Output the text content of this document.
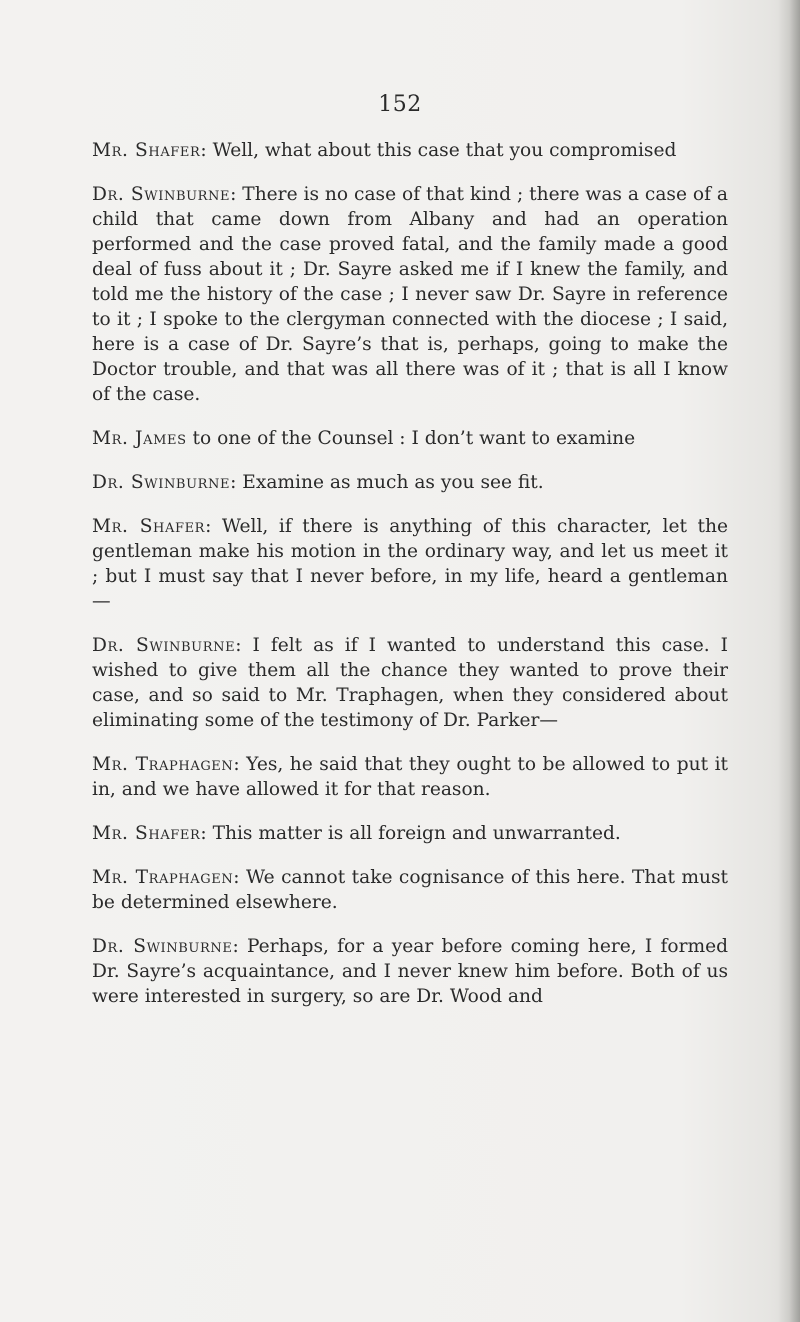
152

Mr. Shafer: Well, what about this case that you compromised

Dr. Swinburne: There is no case of that kind ; there was a case of a child that came down from Albany and had an operation performed and the case proved fatal, and the family made a good deal of fuss about it ; Dr. Sayre asked me if I knew the family, and told me the history of the case ; I never saw Dr. Sayre in reference to it ; I spoke to the clergyman connected with the diocese ; I said, here is a case of Dr. Sayre’s that is, perhaps, going to make the Doctor trouble, and that was all there was of it ; that is all I know of the case.

Mr. James to one of the Counsel : I don’t want to examine

Dr. Swinburne: Examine as much as you see fit.

Mr. Shafer: Well, if there is anything of this character, let the gentleman make his motion in the ordinary way, and let us meet it ; but I must say that I never before, in my life, heard a gentleman—

Dr. Swinburne: I felt as if I wanted to understand this case. I wished to give them all the chance they wanted to prove their case, and so said to Mr. Traphagen, when they considered about eliminating some of the testimony of Dr. Parker—

Mr. Traphagen: Yes, he said that they ought to be allowed to put it in, and we have allowed it for that reason.

Mr. Shafer: This matter is all foreign and unwarranted.

Mr. Traphagen: We cannot take cognisance of this here. That must be determined elsewhere.

Dr. Swinburne: Perhaps, for a year before coming here, I formed Dr. Sayre’s acquaintance, and I never knew him before. Both of us were interested in surgery, so are Dr. Wood and
